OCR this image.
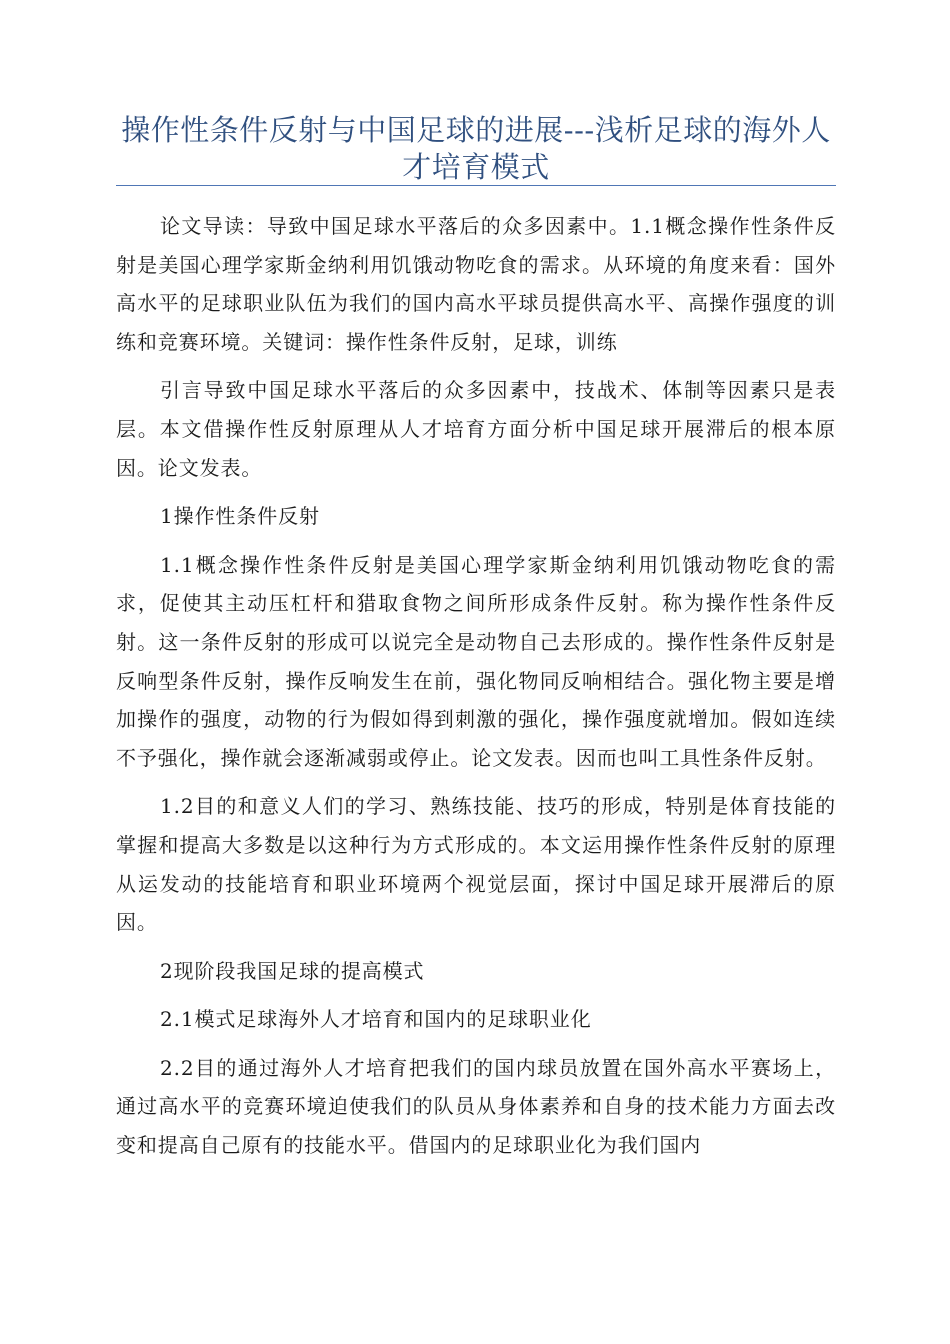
操作性条件反射与中国足球的进展---浅析足球的海外人才培育模式

论文导读：导致中国足球水平落后的众多因素中。1.1概念操作性条件反射是美国心理学家斯金纳利用饥饿动物吃食的需求。从环境的角度来看：国外高水平的足球职业队伍为我们的国内高水平球员提供高水平、高操作强度的训练和竞赛环境。关键词：操作性条件反射，足球，训练

引言导致中国足球水平落后的众多因素中，技战术、体制等因素只是表层。本文借操作性反射原理从人才培育方面分析中国足球开展滞后的根本原因。论文发表。

1操作性条件反射

1.1概念操作性条件反射是美国心理学家斯金纳利用饥饿动物吃食的需求，促使其主动压杠杆和猎取食物之间所形成条件反射。称为操作性条件反射。这一条件反射的形成可以说完全是动物自己去形成的。操作性条件反射是反响型条件反射，操作反响发生在前，强化物同反响相结合。强化物主要是增加操作的强度，动物的行为假如得到刺激的强化，操作强度就增加。假如连续不予强化，操作就会逐渐减弱或停止。论文发表。因而也叫工具性条件反射。

1.2目的和意义人们的学习、熟练技能、技巧的形成，特别是体育技能的掌握和提高大多数是以这种行为方式形成的。本文运用操作性条件反射的原理从运发动的技能培育和职业环境两个视觉层面，探讨中国足球开展滞后的原因。

2现阶段我国足球的提高模式

2.1模式足球海外人才培育和国内的足球职业化

2.2目的通过海外人才培育把我们的国内球员放置在国外高水平赛场上，通过高水平的竞赛环境迫使我们的队员从身体素养和自身的技术能力方面去改变和提高自己原有的技能水平。借国内的足球职业化为我们国内
